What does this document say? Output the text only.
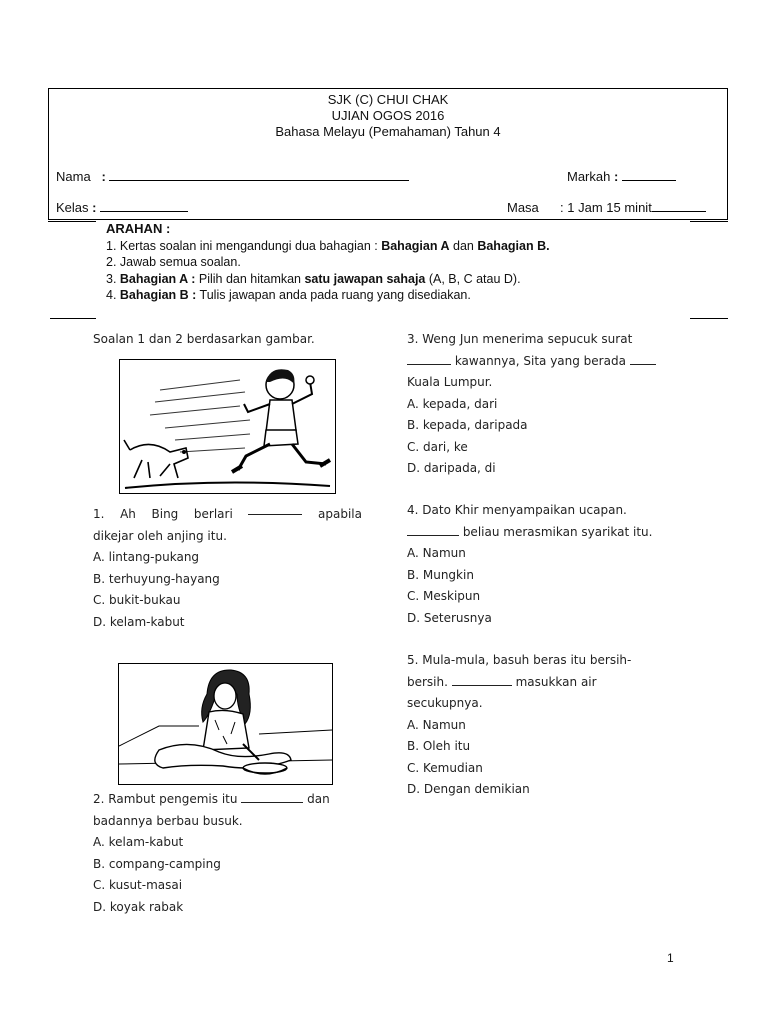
SJK (C) CHUI CHAK
UJIAN OGOS 2016
Bahasa Melayu (Pemahaman) Tahun 4
Nama   :	Markah :
Kelas :	Masa : 1 Jam 15 minit
ARAHAN :
1. Kertas soalan ini mengandungi dua bahagian : Bahagian A dan Bahagian B.
2. Jawab semua soalan.
3. Bahagian A : Pilih dan hitamkan satu jawapan sahaja (A, B, C atau D).
4. Bahagian B : Tulis jawapan anda pada ruang yang disediakan.
Soalan 1 dan 2 berdasarkan gambar.
1. Ah Bing berlari	apabila
dikejar oleh anjing itu.
A. lintang-pukang
B. terhuyung-hayang
C. bukit-bukau
D. kelam-kabut
2. Rambut pengemis itu	dan
badannya berbau busuk.
A. kelam-kabut
B. compang-camping
C. kusut-masai
D. koyak rabak
3. Weng Jun menerima sepucuk surat
kawannya, Sita yang berada
Kuala Lumpur.
A. kepada, dari
B. kepada, daripada
C. dari, ke
D. daripada, di
4. Dato Khir menyampaikan ucapan.
beliau merasmikan syarikat itu.
A. Namun
B. Mungkin
C. Meskipun
D. Seterusnya
5. Mula-mula, basuh beras itu bersih-
bersih.	masukkan air
secukupnya.
A. Namun
B. Oleh itu
C. Kemudian
D. Dengan demikian
1
